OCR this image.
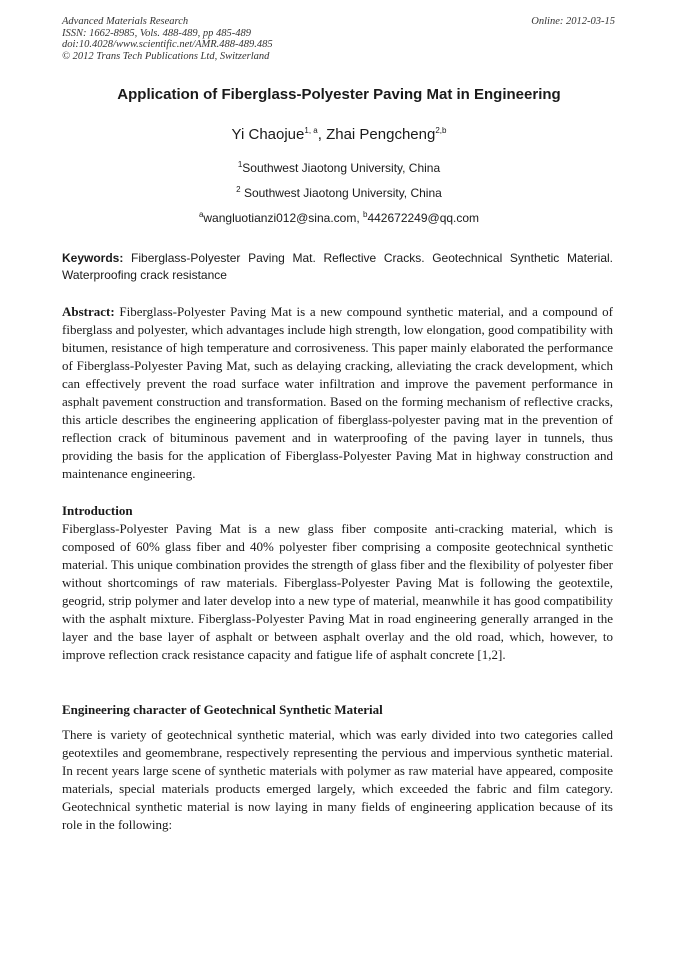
Advanced Materials Research
ISSN: 1662-8985, Vols. 488-489, pp 485-489
doi:10.4028/www.scientific.net/AMR.488-489.485
© 2012 Trans Tech Publications Ltd, Switzerland
Online: 2012-03-15
Application of Fiberglass-Polyester Paving Mat in Engineering
Yi Chaojue$^{1, a}$, Zhai Pengcheng$^{2,b}$
$^1$Southwest Jiaotong University, China
$^2$ Southwest Jiaotong University, China
$^a$wangluotianzi012@sina.com, $^b$442672249@qq.com
Keywords: Fiberglass-Polyester Paving Mat. Reflective Cracks. Geotechnical Synthetic Material. Waterproofing crack resistance
Abstract: Fiberglass-Polyester Paving Mat is a new compound synthetic material, and a compound of fiberglass and polyester, which advantages include high strength, low elongation, good compatibility with bitumen, resistance of high temperature and corrosiveness. This paper mainly elaborated the performance of Fiberglass-Polyester Paving Mat, such as delaying cracking, alleviating the crack development, which can effectively prevent the road surface water infiltration and improve the pavement performance in asphalt pavement construction and transformation. Based on the forming mechanism of reflective cracks, this article describes the engineering application of fiberglass-polyester paving mat in the prevention of reflection crack of bituminous pavement and in waterproofing of the paving layer in tunnels, thus providing the basis for the application of Fiberglass-Polyester Paving Mat in highway construction and maintenance engineering.
Introduction
Fiberglass-Polyester Paving Mat is a new glass fiber composite anti-cracking material, which is composed of 60% glass fiber and 40% polyester fiber comprising a composite geotechnical synthetic material. This unique combination provides the strength of glass fiber and the flexibility of polyester fiber without shortcomings of raw materials. Fiberglass-Polyester Paving Mat is following the geotextile, geogrid, strip polymer and later develop into a new type of material, meanwhile it has good compatibility with the asphalt mixture. Fiberglass-Polyester Paving Mat in road engineering generally arranged in the layer and the base layer of asphalt or between asphalt overlay and the old road, which, however, to improve reflection crack resistance capacity and fatigue life of asphalt concrete [1,2].
Engineering character of Geotechnical Synthetic Material
There is variety of geotechnical synthetic material, which was early divided into two categories called geotextiles and geomembrane, respectively representing the pervious and impervious synthetic material. In recent years large scene of synthetic materials with polymer as raw material have appeared, composite materials, special materials products emerged largely, which exceeded the fabric and film category. Geotechnical synthetic material is now laying in many fields of engineering application because of its role in the following:
